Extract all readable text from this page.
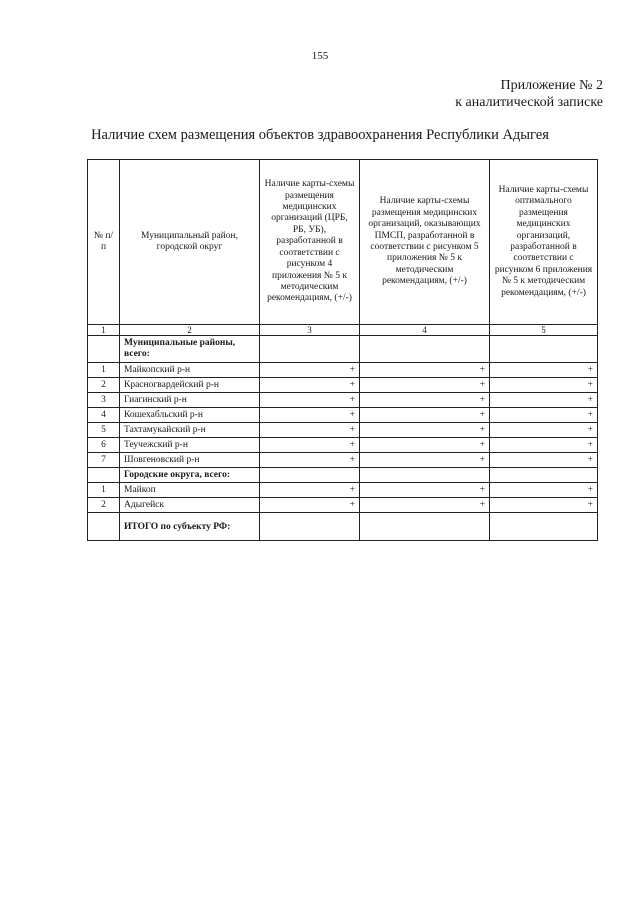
155
Приложение № 2
к аналитической записке
Наличие схем размещения объектов здравоохранения Республики Адыгея
№ п/п	Муниципальный район, городской округ	Наличие карты-схемы размещения медицинских организаций (ЦРБ, РБ, УБ), разработанной в соответствии с рисунком 4 приложения № 5 к методическим рекомендациям, (+/-)	Наличие карты-схемы размещения медицинских организаций, оказывающих ПМСП, разработанной в соответствии с рисунком 5 приложения № 5 к методическим рекомендациям, (+/-)	Наличие карты-схемы оптимального размещения медицинских организаций, разработанной в соответствии с рисунком 6 приложения № 5 к методическим рекомендациям, (+/-)
1	2	3	4	5
	Муниципальные районы, всего:			
1	Майкопский р-н	+	+	+
2	Красногвардейский р-н	+	+	+
3	Гиагинский р-н	+	+	+
4	Кошехабльский р-н	+	+	+
5	Тахтамукайский р-н	+	+	+
6	Теучежский р-н	+	+	+
7	Шовгеновский р-н	+	+	+
	Городские округа, всего:			
1	Майкоп	+	+	+
2	Адыгейск	+	+	+
	ИТОГО по субъекту РФ:			
